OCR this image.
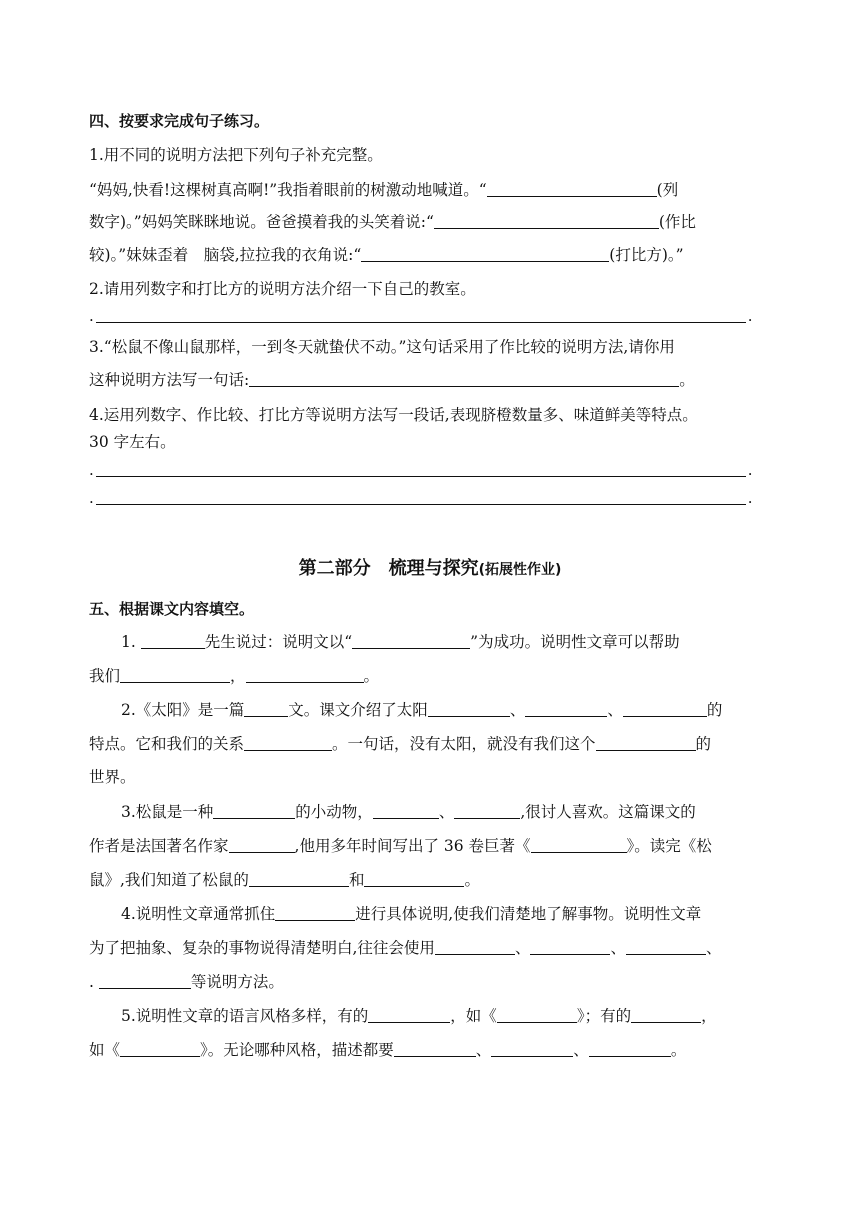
四、按要求完成句子练习。
1.用不同的说明方法把下列句子补充完整。
“妈妈,快看!这棵树真高啊!”我指着眼前的树激动地喊道。“	(列
数字)。”妈妈笑眯眯地说。爸爸摸着我的头笑着说:“	(作比
较)。”妹妹歪着　脑袋,拉拉我的衣角说:“	(打比方)。”
2.请用列数字和打比方的说明方法介绍一下自己的教室。
.	.
3.“松鼠不像山鼠那样，一到冬天就蛰伏不动。”这句话采用了作比较的说明方法,请你用
这种说明方法写一句话:	。
4.运用列数字、作比较、打比方等说明方法写一段话,表现脐橙数量多、味道鲜美等特点。
30 字左右。
.	.
.	.
第二部分　梳理与探究(拓展性作业)
五、根据课文内容填空。
1.	先生说过：说明文以“	”为成功。说明性文章可以帮助
我们	，	。
2.《太阳》是一篇	文。课文介绍了太阳	、	、	的
特点。它和我们的关系	。一句话，没有太阳，就没有我们这个	的
世界。
3.松鼠是一种	的小动物，	、	,很讨人喜欢。这篇课文的
作者是法国著名作家	,他用多年时间写出了 36 卷巨著《	》。读完《松
鼠》,我们知道了松鼠的	和	。
4.说明性文章通常抓住	进行具体说明,使我们清楚地了解事物。说明性文章
为了把抽象、复杂的事物说得清楚明白,往往会使用	、	、	、
.	等说明方法。
5.说明性文章的语言风格多样，有的	，如《	》；有的	，
如《	》。无论哪种风格，描述都要	、	、	。
